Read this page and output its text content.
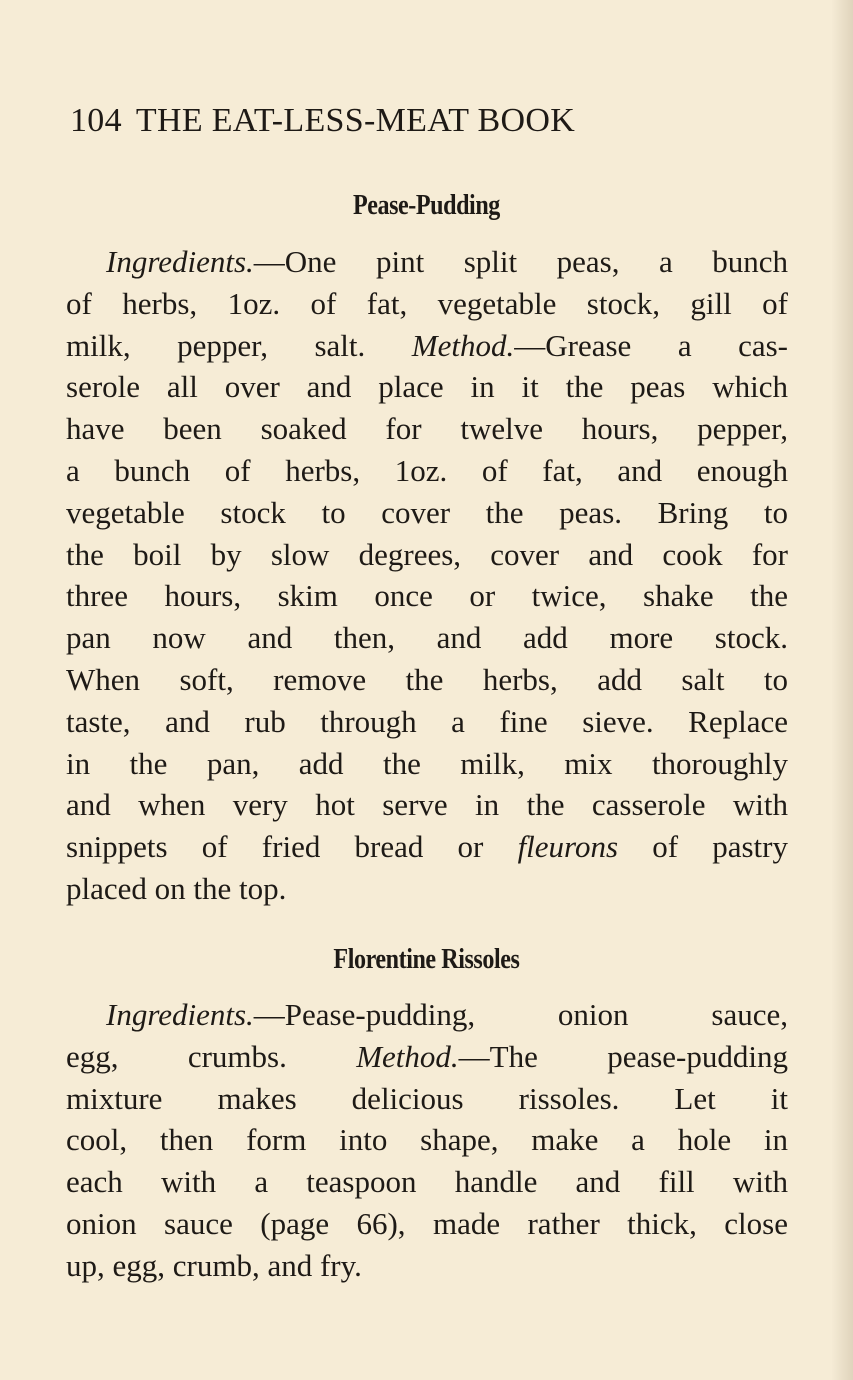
104 THE EAT-LESS-MEAT BOOK
Pease-Pudding
Ingredients.—One pint split peas, a bunch
of herbs, 1oz. of fat, vegetable stock, gill of
milk, pepper, salt. Method.—Grease a cas-
serole all over and place in it the peas which
have been soaked for twelve hours, pepper,
a bunch of herbs, 1oz. of fat, and enough
vegetable stock to cover the peas. Bring to
the boil by slow degrees, cover and cook for
three hours, skim once or twice, shake the
pan now and then, and add more stock.
When soft, remove the herbs, add salt to
taste, and rub through a fine sieve. Replace
in the pan, add the milk, mix thoroughly
and when very hot serve in the casserole with
snippets of fried bread or fleurons of pastry
placed on the top.
Florentine Rissoles
Ingredients.—Pease-pudding, onion sauce,
egg, crumbs. Method.—The pease-pudding
mixture makes delicious rissoles. Let it
cool, then form into shape, make a hole in
each with a teaspoon handle and fill with
onion sauce (page 66), made rather thick, close
up, egg, crumb, and fry.
